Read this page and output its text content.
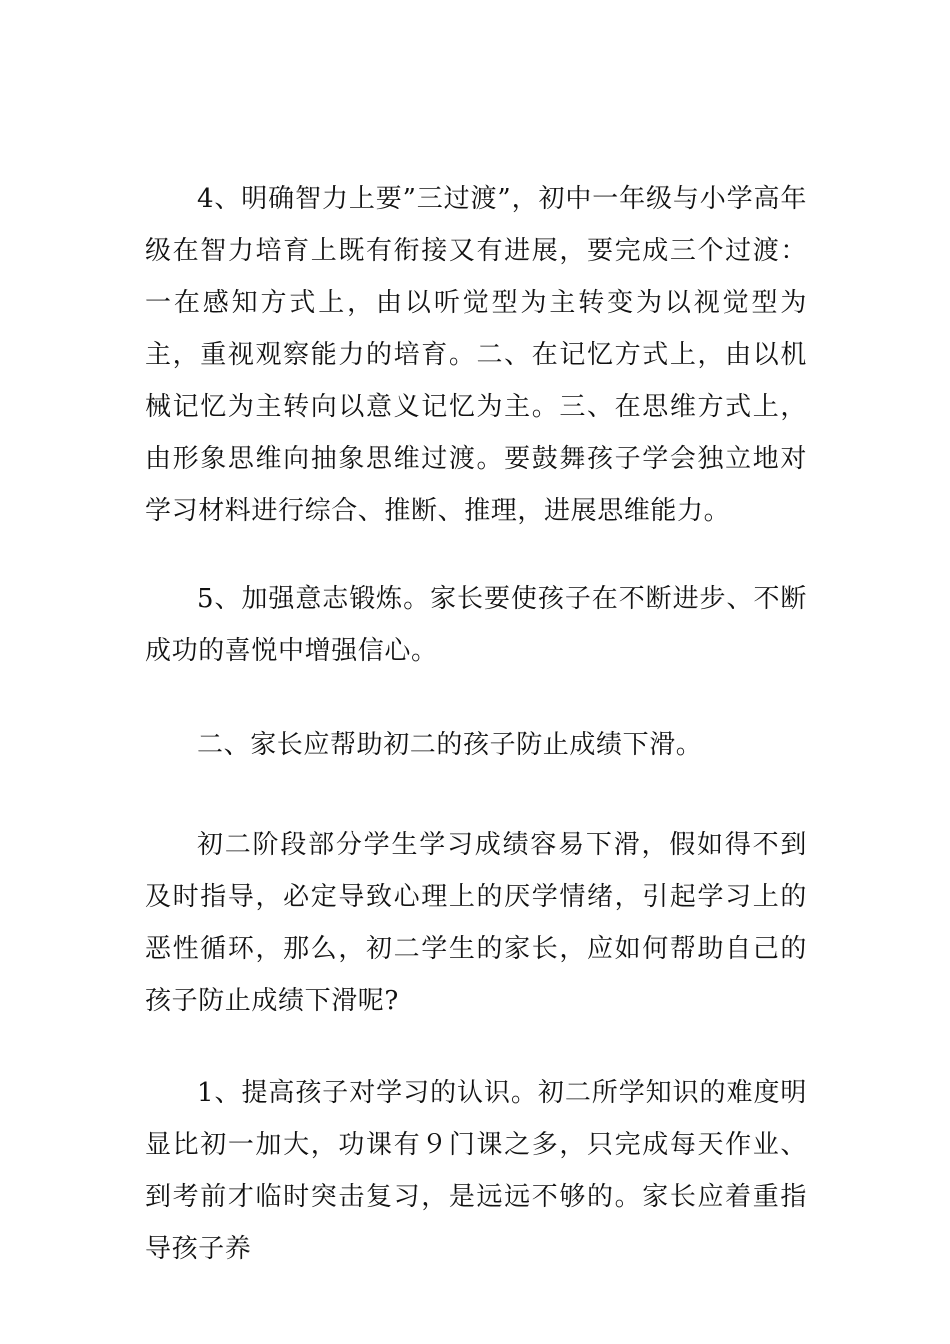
4、明确智力上要”三过渡”，初中一年级与小学高年级在智力培育上既有衔接又有进展，要完成三个过渡：一在感知方式上，由以听觉型为主转变为以视觉型为主，重视观察能力的培育。二、在记忆方式上，由以机械记忆为主转向以意义记忆为主。三、在思维方式上，由形象思维向抽象思维过渡。要鼓舞孩子学会独立地对学习材料进行综合、推断、推理，进展思维能力。

5、加强意志锻炼。家长要使孩子在不断进步、不断成功的喜悦中增强信心。

二、家长应帮助初二的孩子防止成绩下滑。

初二阶段部分学生学习成绩容易下滑，假如得不到及时指导，必定导致心理上的厌学情绪，引起学习上的恶性循环，那么，初二学生的家长，应如何帮助自己的孩子防止成绩下滑呢?

1、提高孩子对学习的认识。初二所学知识的难度明显比初一加大，功课有９门课之多，只完成每天作业、到考前才临时突击复习，是远远不够的。家长应着重指导孩子养
